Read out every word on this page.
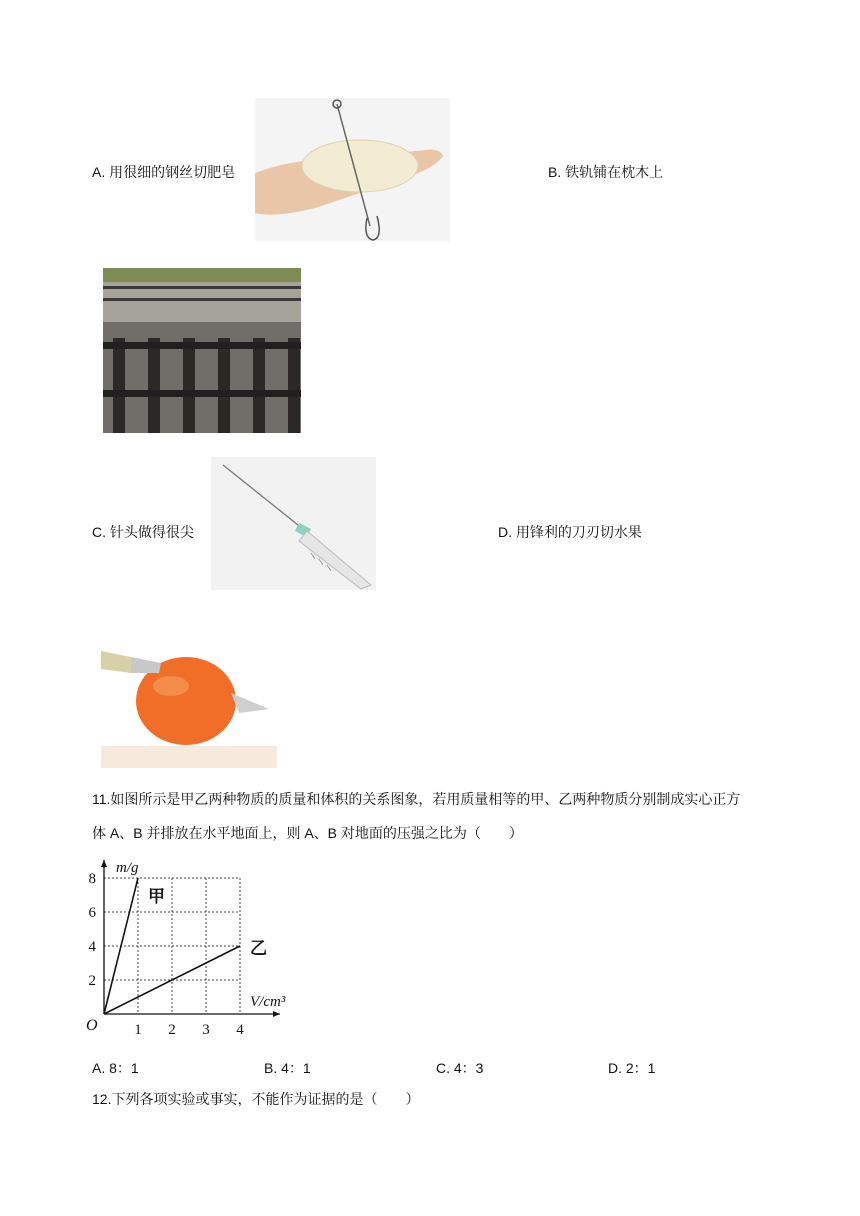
A. 用很细的钢丝切肥皂	B. 铁轨铺在枕木上
C. 针头做得很尖	D. 用锋利的刀刃切水果
11.如图所示是甲乙两种物质的质量和体积的关系图象，若用质量相等的甲、乙两种物质分别制成实心正方
体 A、B 并排放在水平地面上，则 A、B 对地面的压强之比为（　　）
1 2 3 4
2
4
6
8
O
m/g
V/cm³
甲
乙
A. 8：1	B. 4：1	C. 4：3	D. 2：1
12.下列各项实验或事实，不能作为证据的是（　　）
